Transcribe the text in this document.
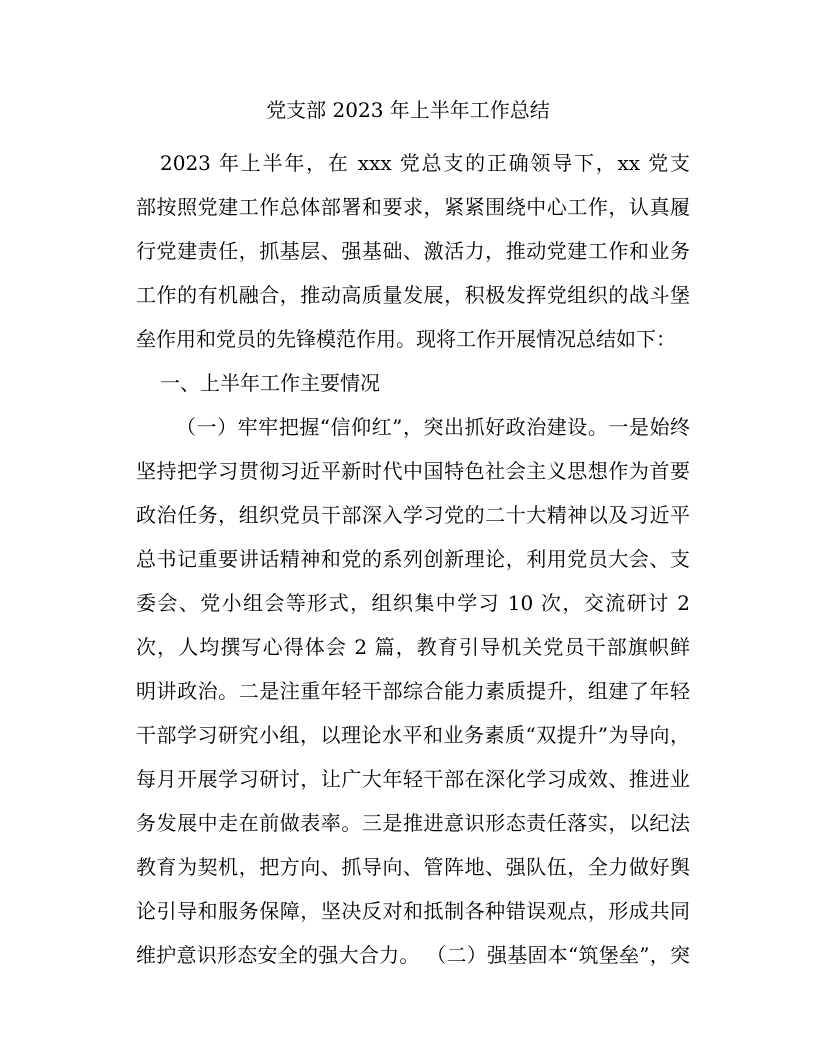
党支部 2023 年上半年工作总结
2023 年上半年，在 xxx 党总支的正确领导下，xx 党支
部按照党建工作总体部署和要求，紧紧围绕中心工作，认真履
行党建责任，抓基层、强基础、激活力，推动党建工作和业务
工作的有机融合，推动高质量发展，积极发挥党组织的战斗堡
垒作用和党员的先锋模范作用。现将工作开展情况总结如下：
一、上半年工作主要情况
（一）牢牢把握“信仰红”，突出抓好政治建设。一是始终
坚持把学习贯彻习近平新时代中国特色社会主义思想作为首要
政治任务，组织党员干部深入学习党的二十大精神以及习近平
总书记重要讲话精神和党的系列创新理论，利用党员大会、支
委会、党小组会等形式，组织集中学习 10 次，交流研讨 2
次，人均撰写心得体会 2 篇，教育引导机关党员干部旗帜鲜
明讲政治。二是注重年轻干部综合能力素质提升，组建了年轻
干部学习研究小组，以理论水平和业务素质“双提升”为导向，
每月开展学习研讨，让广大年轻干部在深化学习成效、推进业
务发展中走在前做表率。三是推进意识形态责任落实，以纪法
教育为契机，把方向、抓导向、管阵地、强队伍，全力做好舆
论引导和服务保障，坚决反对和抵制各种错误观点，形成共同
维护意识形态安全的强大合力。 （二）强基固本“筑堡垒”，突
